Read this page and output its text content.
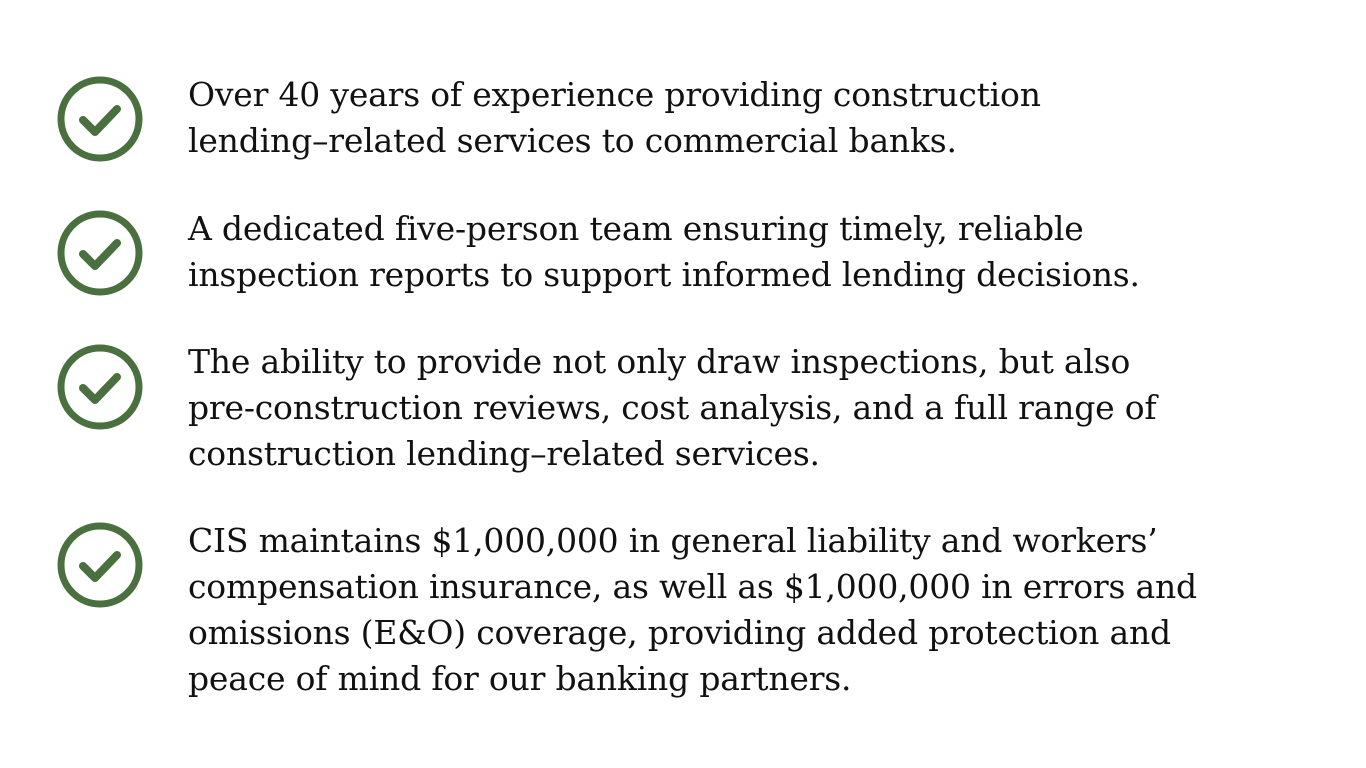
Over 40 years of experience providing construction
lending–related services to commercial banks.

A dedicated five-person team ensuring timely, reliable
inspection reports to support informed lending decisions.

The ability to provide not only draw inspections, but also
pre-construction reviews, cost analysis, and a full range of
construction lending–related services.

CIS maintains $1,000,000 in general liability and workers’
compensation insurance, as well as $1,000,000 in errors and
omissions (E&O) coverage, providing added protection and
peace of mind for our banking partners.
